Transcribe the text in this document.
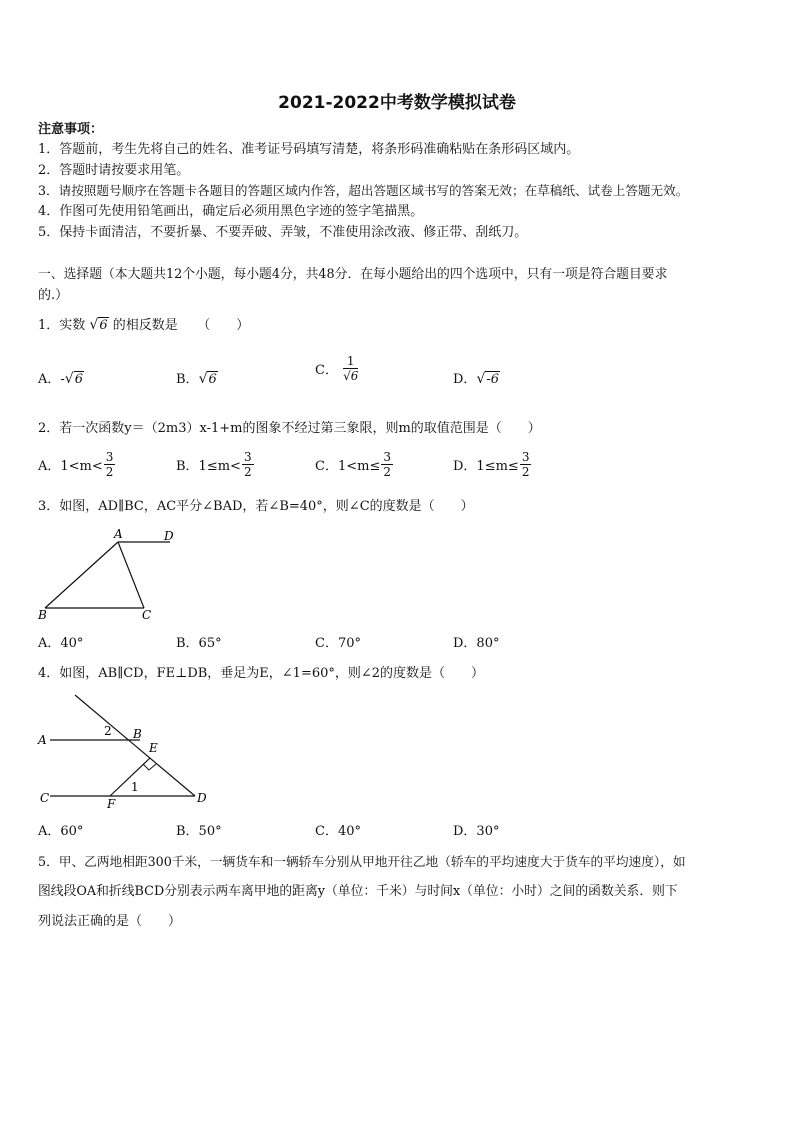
2021-2022中考数学模拟试卷
注意事项：
1．答题前，考生先将自己的姓名、准考证号码填写清楚，将条形码准确粘贴在条形码区域内。
2．答题时请按要求用笔。
3．请按照题号顺序在答题卡各题目的答题区域内作答，超出答题区域书写的答案无效；在草稿纸、试卷上答题无效。
4．作图可先使用铅笔画出，确定后必须用黑色字迹的签字笔描黑。
5．保持卡面清洁，不要折暴、不要弄破、弄皱，不准使用涂改液、修正带、刮纸刀。
一、选择题（本大题共12个小题，每小题4分，共48分．在每小题给出的四个选项中，只有一项是符合题目要求
的.）
1．实数 √6 的相反数是　　（　　）
A．-√6	B．√6
C． $\frac{1}{√6}$	D．√-6
2．若一次函数y＝（2m3）x-1+m的图象不经过第三象限，则m的取值范围是（　　）
A．$1<m< \frac{3}{2}$	B．$1\le m< \frac{3}{2}$	C．$1<m\le \frac{3}{2}$	D．$1\le m\le \frac{3}{2}$
3．如图，AD∥BC，AC平分∠BAD，若∠B=40°，则∠C的度数是（　　）
A	D
B	C
A．40°	B．65°	C．70°	D．80°
4．如图，AB∥CD，FE⊥DB，垂足为E，∠1=60°，则∠2的度数是（　　）
A	B
C	D
E
F
1
2
A．60°	B．50°	C．40°	D．30°
5．甲、乙两地相距300千米，一辆货车和一辆轿车分别从甲地开往乙地（轿车的平均速度大于货车的平均速度），如
图线段OA和折线BCD分别表示两车离甲地的距离y（单位：千米）与时间x（单位：小时）之间的函数关系．则下
列说法正确的是（　　）
